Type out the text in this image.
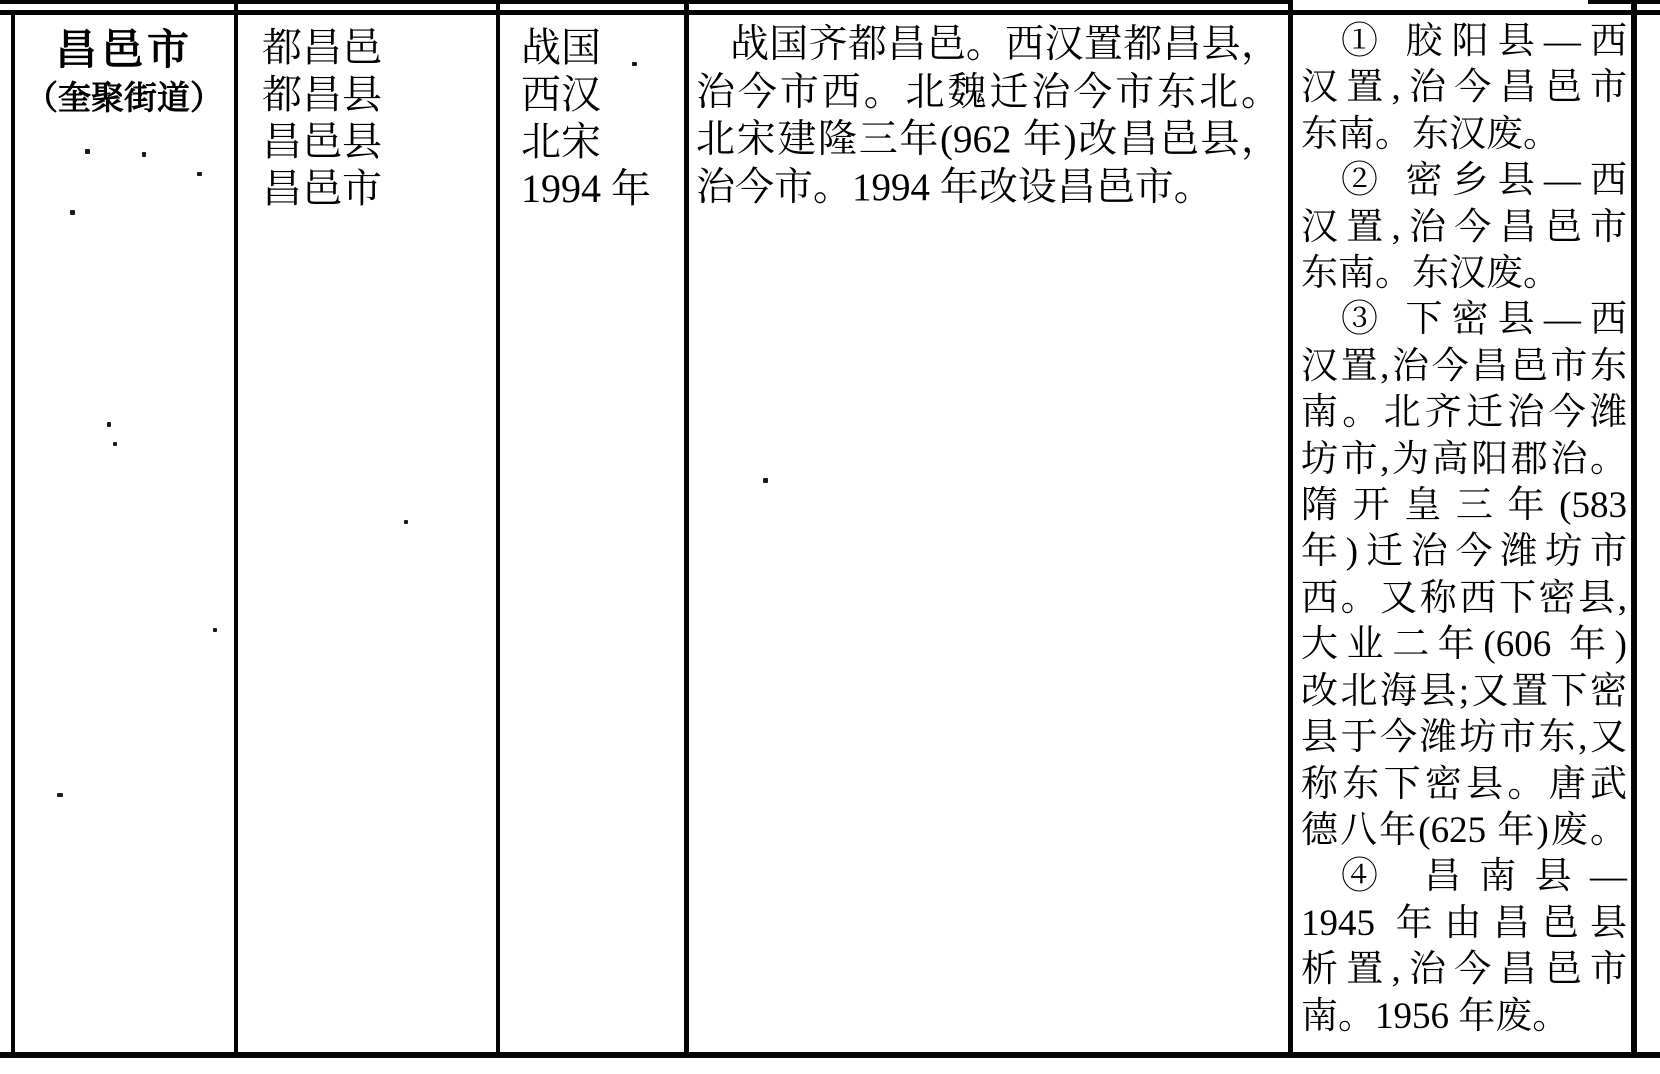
昌邑市
（奎聚街道）
都昌邑
都昌县
昌邑县
昌邑市
战国
西汉
北宋
1994 年
战国齐都昌邑。西汉置都昌县，
治今市西。北魏迁治今市东北。
北宋建隆三年(962 年)改昌邑县，
治今市。1994 年改设昌邑市。
① 胶阳县—西
汉置,治今昌邑市
东南。东汉废。
② 密乡县—西
汉置,治今昌邑市
东南。东汉废。
③ 下密县—西
汉置,治今昌邑市东
南。北齐迁治今潍
坊市,为高阳郡治。
隋开皇三年(583
年)迁治今潍坊市
西。又称西下密县,
大业二年(606 年)
改北海县;又置下密
县于今潍坊市东,又
称东下密县。唐武
德八年(625 年)废。
④ 昌南县—
1945 年由昌邑县
析置,治今昌邑市
南。1956 年废。
